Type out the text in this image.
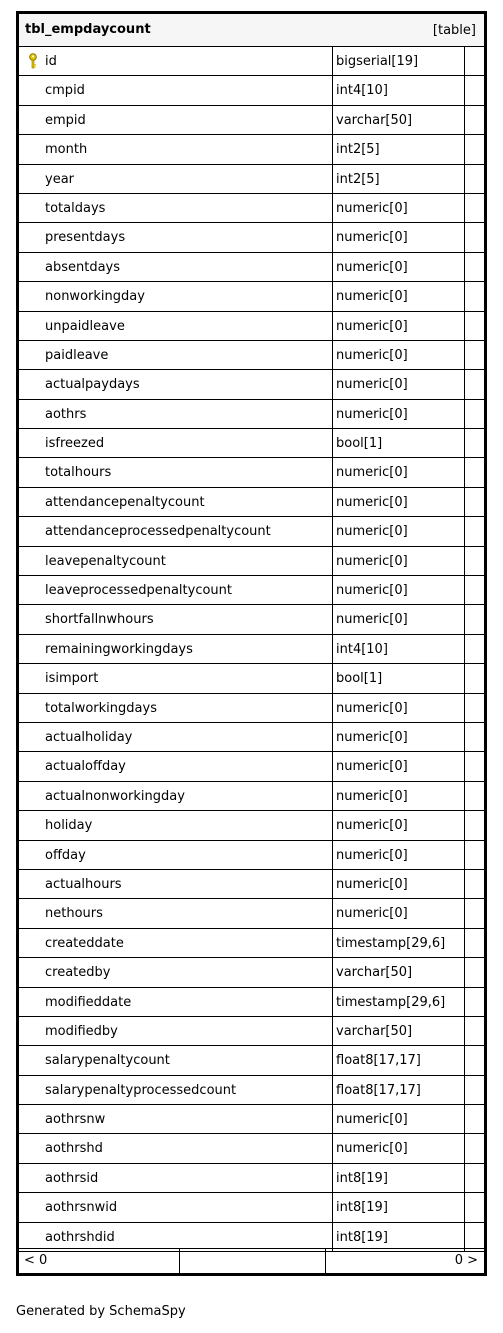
tbl_empdaycount	[table]
id	bigserial[19]
cmpid	int4[10]
empid	varchar[50]
month	int2[5]
year	int2[5]
totaldays	numeric[0]
presentdays	numeric[0]
absentdays	numeric[0]
nonworkingday	numeric[0]
unpaidleave	numeric[0]
paidleave	numeric[0]
actualpaydays	numeric[0]
aothrs	numeric[0]
isfreezed	bool[1]
totalhours	numeric[0]
attendancepenaltycount	numeric[0]
attendanceprocessedpenaltycount	numeric[0]
leavepenaltycount	numeric[0]
leaveprocessedpenaltycount	numeric[0]
shortfallnwhours	numeric[0]
remainingworkingdays	int4[10]
isimport	bool[1]
totalworkingdays	numeric[0]
actualholiday	numeric[0]
actualoffday	numeric[0]
actualnonworkingday	numeric[0]
holiday	numeric[0]
offday	numeric[0]
actualhours	numeric[0]
nethours	numeric[0]
createddate	timestamp[29,6]
createdby	varchar[50]
modifieddate	timestamp[29,6]
modifiedby	varchar[50]
salarypenaltycount	float8[17,17]
salarypenaltyprocessedcount	float8[17,17]
aothrsnw	numeric[0]
aothrshd	numeric[0]
aothrsid	int8[19]
aothrsnwid	int8[19]
aothrshdid	int8[19]
< 0	0 >
Generated by SchemaSpy
